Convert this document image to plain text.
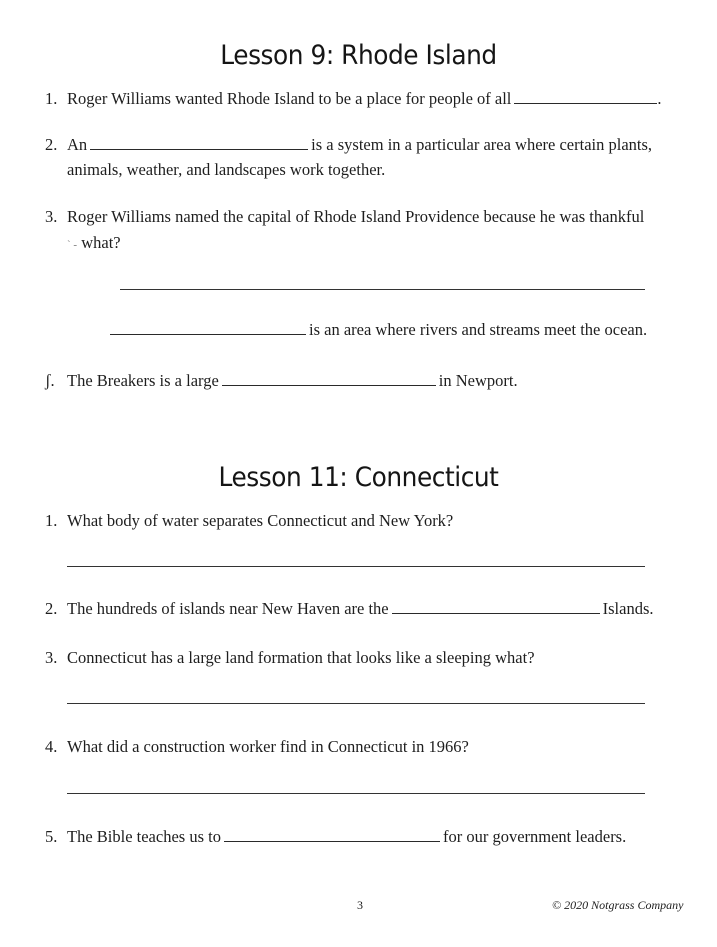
Lesson 9: Rhode Island
1. Roger Williams wanted Rhode Island to be a place for people of all	.
2. An	is a system in a particular area where certain plants,
animals, weather, and landscapes work together.
3. Roger Williams named the capital of Rhode Island Providence because he was thankful
` - what?
is an area where rivers and streams meet the ocean.
ʃ. The Breakers is a large	in Newport.
Lesson 11: Connecticut
1. What body of water separates Connecticut and New York?
2. The hundreds of islands near New Haven are the	Islands.
3. Connecticut has a large land formation that looks like a sleeping what?
4. What did a construction worker find in Connecticut in 1966?
5. The Bible teaches us to	for our government leaders.
3	© 2020 Notgrass Company
